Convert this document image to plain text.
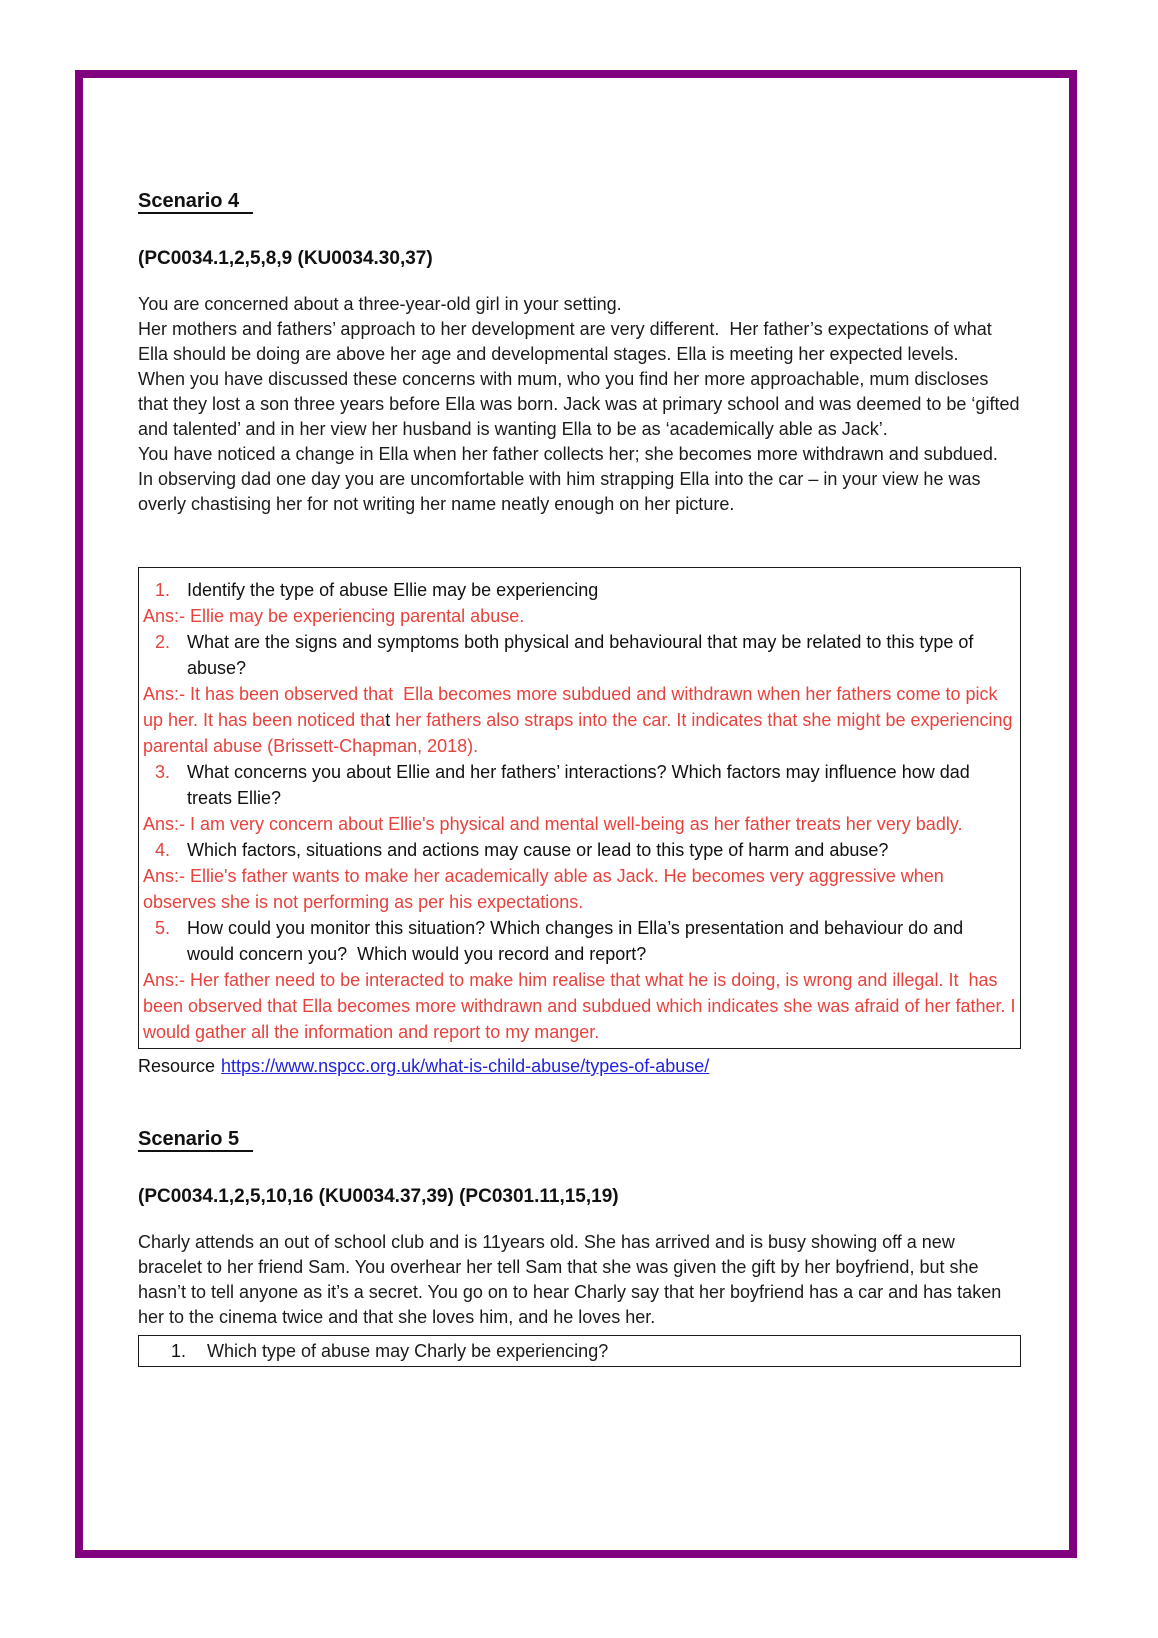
Scenario 4
(PC0034.1,2,5,8,9 (KU0034.30,37)
You are concerned about a three-year-old girl in your setting.
Her mothers and fathers’ approach to her development are very different.  Her father’s expectations of what Ella should be doing are above her age and developmental stages. Ella is meeting her expected levels.
When you have discussed these concerns with mum, who you find her more approachable, mum discloses that they lost a son three years before Ella was born. Jack was at primary school and was deemed to be ‘gifted and talented’ and in her view her husband is wanting Ella to be as ‘academically able as Jack’.
You have noticed a change in Ella when her father collects her; she becomes more withdrawn and subdued.
In observing dad one day you are uncomfortable with him strapping Ella into the car – in your view he was overly chastising her for not writing her name neatly enough on her picture.
1. Identify the type of abuse Ellie may be experiencing
Ans:- Ellie may be experiencing parental abuse.
2. What are the signs and symptoms both physical and behavioural that may be related to this type of abuse?
Ans:- It has been observed that  Ella becomes more subdued and withdrawn when her fathers come to pick up her. It has been noticed that her fathers also straps into the car. It indicates that she might be experiencing parental abuse (Brissett-Chapman, 2018).
3. What concerns you about Ellie and her fathers’ interactions? Which factors may influence how dad treats Ellie?
Ans:- I am very concern about Ellie's physical and mental well-being as her father treats her very badly.
4. Which factors, situations and actions may cause or lead to this type of harm and abuse?
Ans:- Ellie's father wants to make her academically able as Jack. He becomes very aggressive when observes she is not performing as per his expectations.
5. How could you monitor this situation? Which changes in Ella’s presentation and behaviour do and would concern you?  Which would you record and report?
Ans:- Her father need to be interacted to make him realise that what he is doing, is wrong and illegal. It  has been observed that Ella becomes more withdrawn and subdued which indicates she was afraid of her father. I would gather all the information and report to my manger.
Resource https://www.nspcc.org.uk/what-is-child-abuse/types-of-abuse/
Scenario 5
(PC0034.1,2,5,10,16 (KU0034.37,39) (PC0301.11,15,19)
Charly attends an out of school club and is 11years old. She has arrived and is busy showing off a new bracelet to her friend Sam. You overhear her tell Sam that she was given the gift by her boyfriend, but she hasn’t to tell anyone as it’s a secret. You go on to hear Charly say that her boyfriend has a car and has taken her to the cinema twice and that she loves him, and he loves her.
1.	Which type of abuse may Charly be experiencing?
